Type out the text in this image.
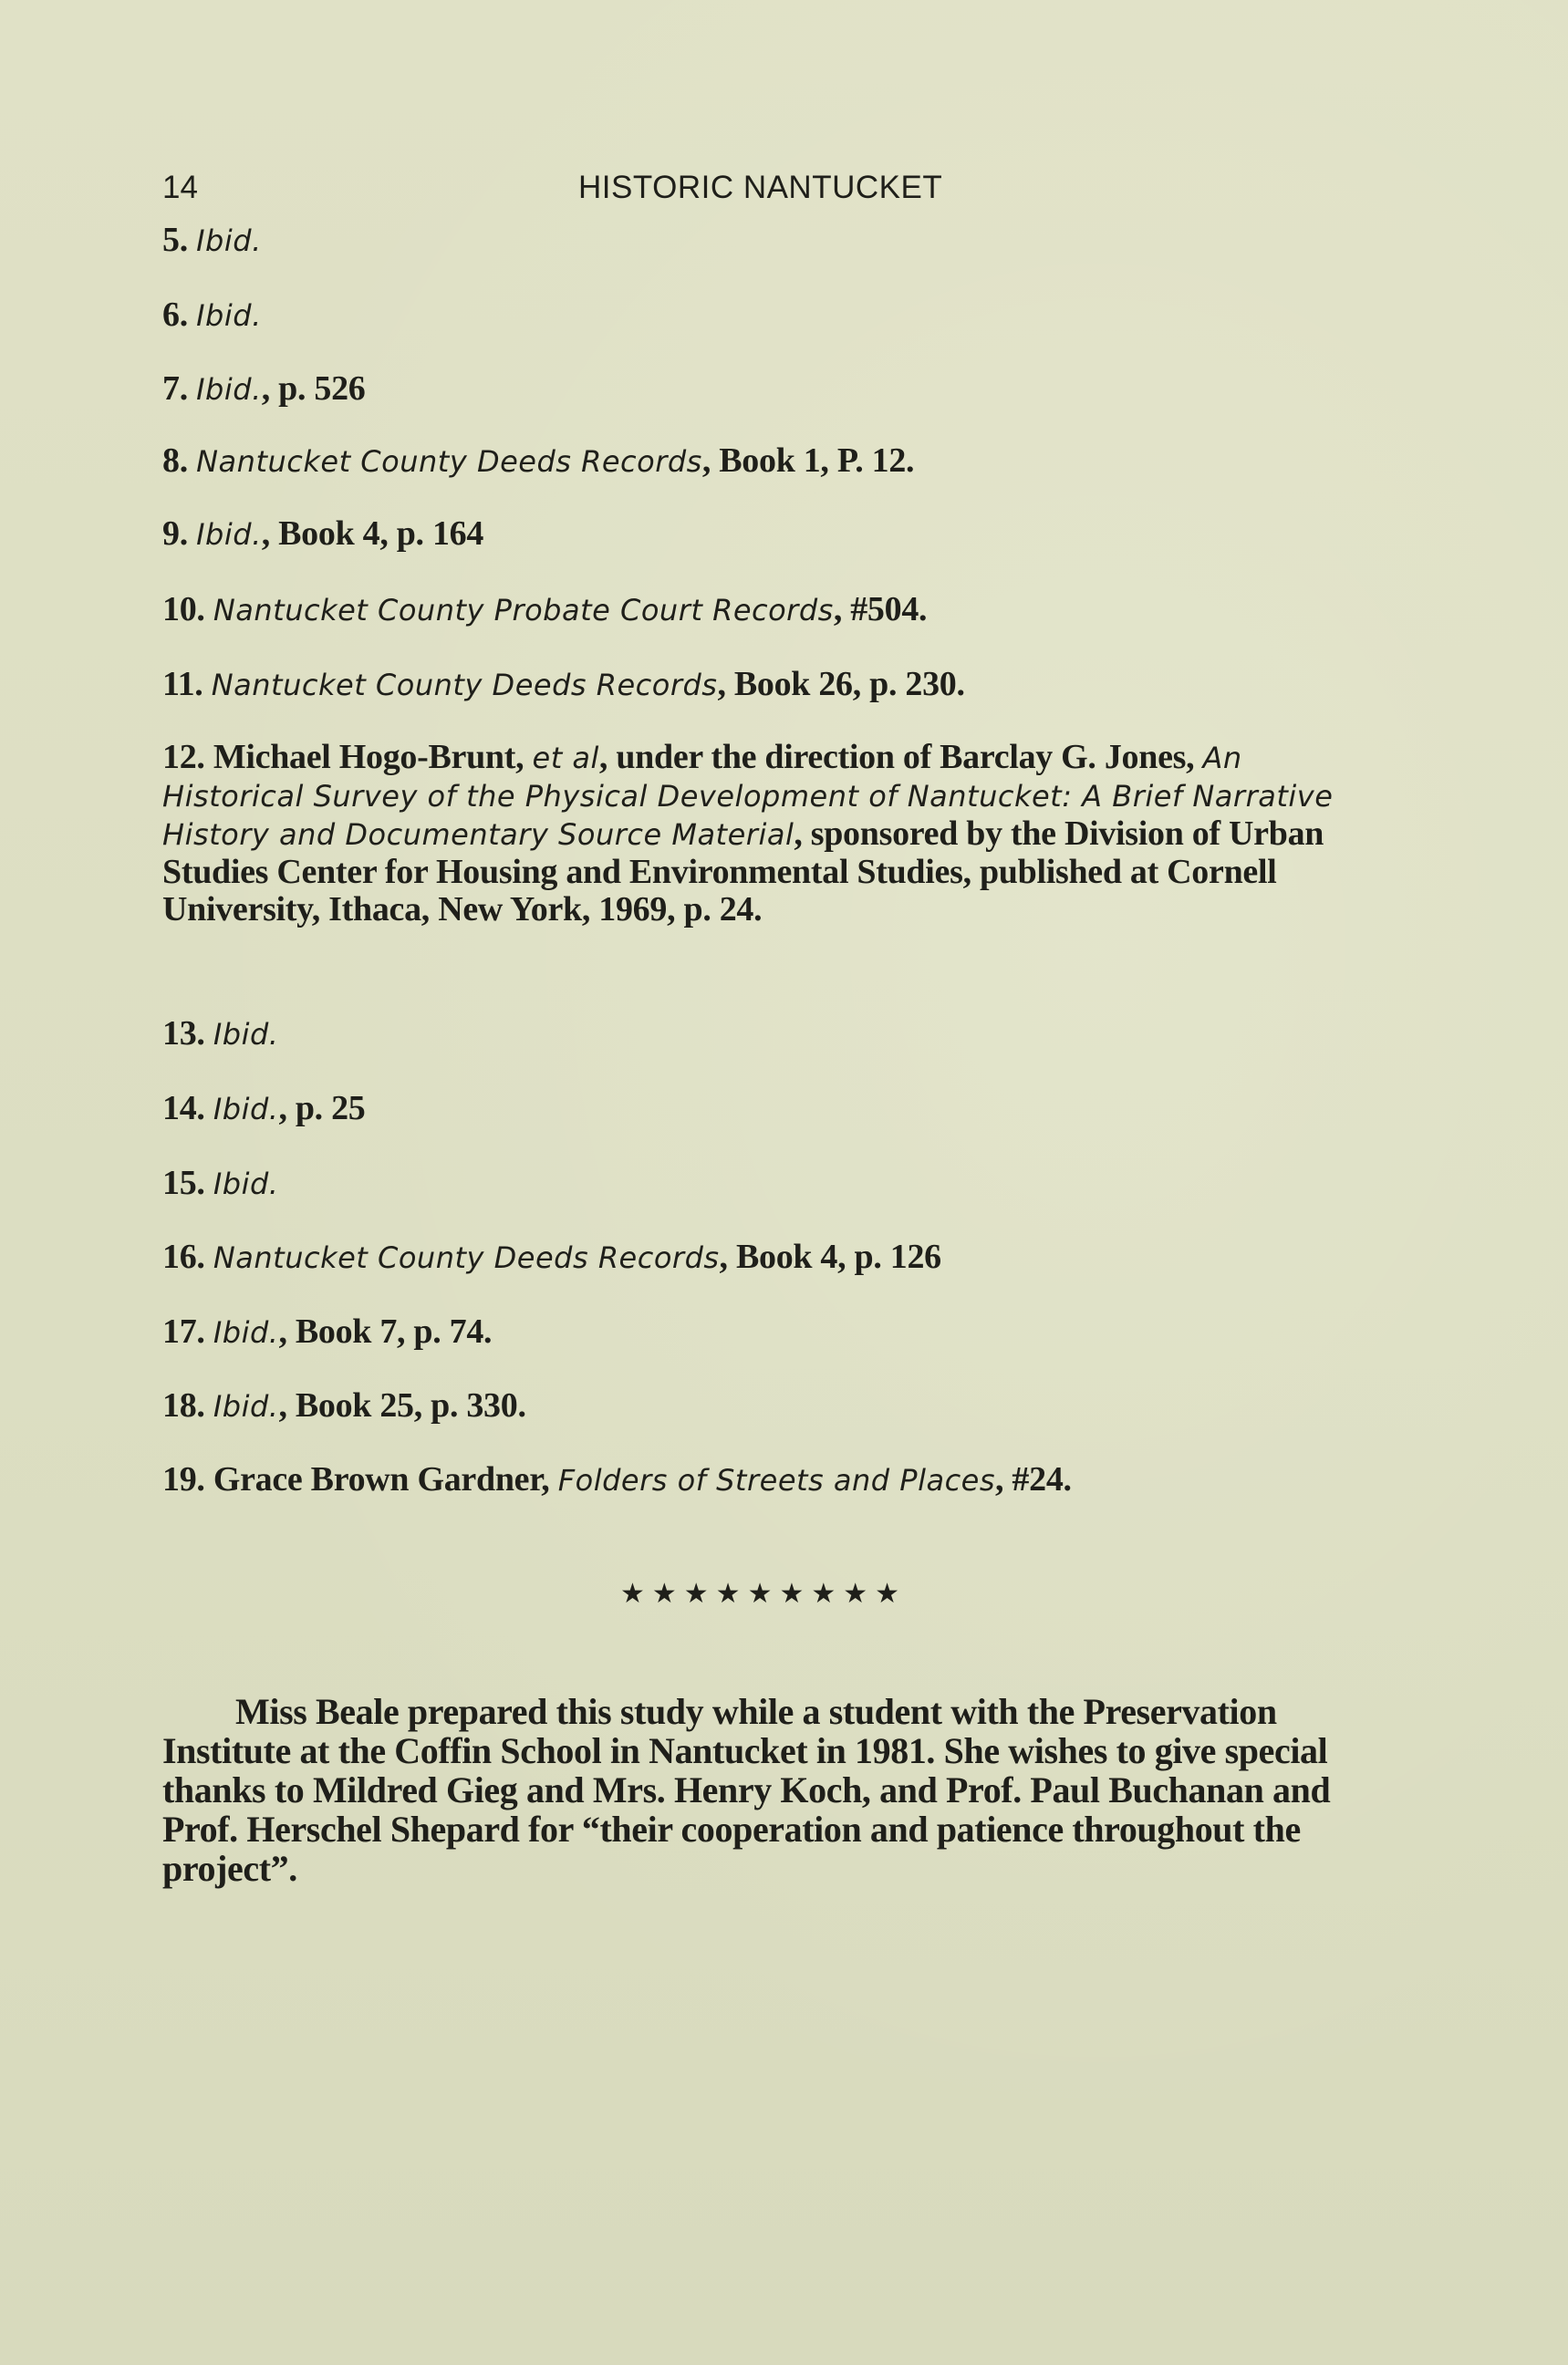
14	HISTORIC NANTUCKET
5. Ibid.
6. Ibid.
7. Ibid., p. 526
8. Nantucket County Deeds Records, Book 1, P. 12.
9. Ibid., Book 4, p. 164
10. Nantucket County Probate Court Records, #504.
11. Nantucket County Deeds Records, Book 26, p. 230.
12. Michael Hogo-Brunt, et al, under the direction of Barclay G. Jones, An Historical Survey of the Physical Development of Nantucket: A Brief Narrative History and Documentary Source Material, sponsored by the Division of Urban Studies Center for Housing and Environmental Studies, published at Cornell University, Ithaca, New York, 1969, p. 24.
13. Ibid.
14. Ibid., p. 25
15. Ibid.
16. Nantucket County Deeds Records, Book 4, p. 126
17. Ibid., Book 7, p. 74.
18. Ibid., Book 25, p. 330.
19. Grace Brown Gardner, Folders of Streets and Places, #24.
★★★★★★★★★
Miss Beale prepared this study while a student with the Preservation Institute at the Coffin School in Nantucket in 1981. She wishes to give special thanks to Mildred Gieg and Mrs. Henry Koch, and Prof. Paul Buchanan and Prof. Herschel Shepard for “their cooperation and patience throughout the project”.
